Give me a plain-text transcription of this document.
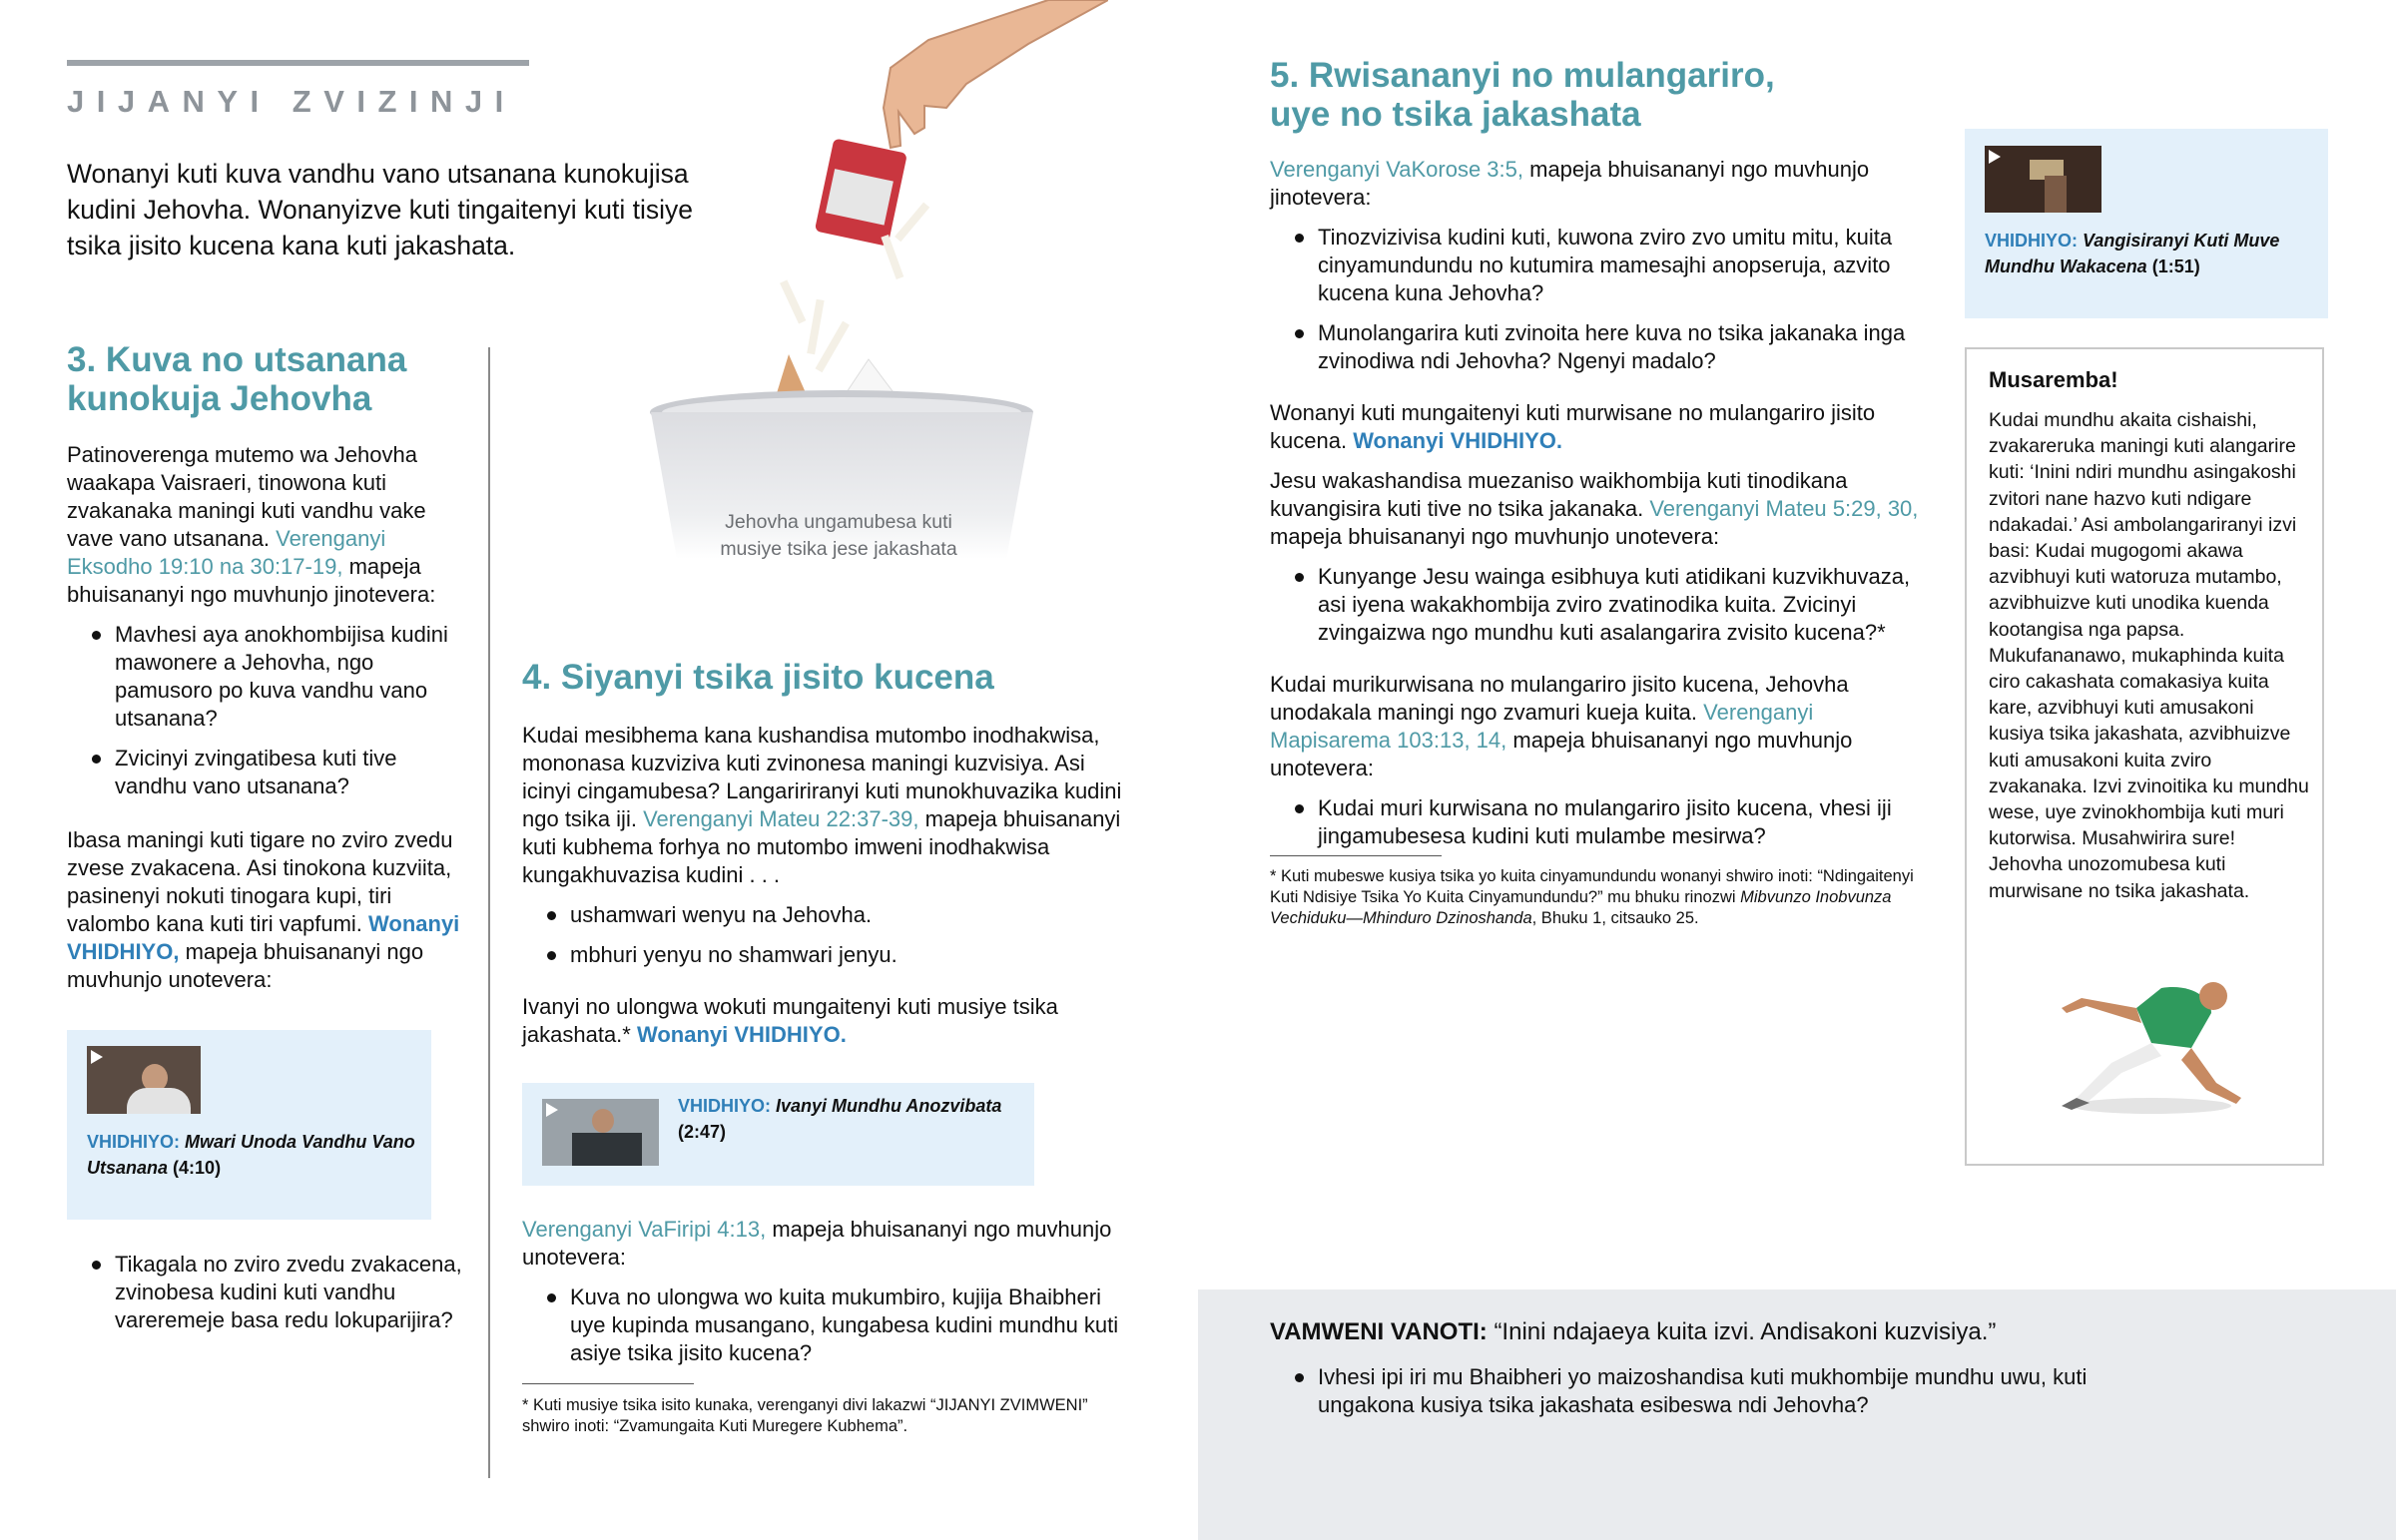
JIJANYI ZVIZINJI

Wonanyi kuti kuva vandhu vano utsanana kunokujisa kudini Jehovha. Wonanyizve kuti tingaitenyi kuti tisiye tsika jisito kucena kana kuti jakashata.

Jehovha ungamubesa kuti
musiye tsika jese jakashata
3. Kuva no utsanana
kunokuja Jehovha

Patinoverenga mutemo wa Jehovha waakapa Vaisraeri, tinowona kuti zvakanaka maningi kuti vandhu vake vave vano utsanana. Verenganyi Eksodho 19:10 na 30:17-19, mapeja bhuisananyi ngo muvhunjo jinotevera:

Mavhesi aya anokhombijisa kudini mawonere a Jehovha, ngo pamusoro po kuva vandhu vano utsanana?
Zvicinyi zvingatibesa kuti tive vandhu vano utsanana?

Ibasa maningi kuti tigare no zviro zvedu zvese zvakacena. Asi tinokona kuzviita, pasinenyi nokuti tinogara kupi, tiri valombo kana kuti tiri vapfumi. Wonanyi VHIDHIYO, mapeja bhuisananyi ngo muvhunjo unotevera:

VHIDHIYO: Mwari Unoda Vandhu Vano Utsanana (4:10)
Tikagala no zviro zvedu zvakacena, zvinobesa kudini kuti vandhu vareremeje basa redu lokuparijira?
4. Siyanyi tsika jisito kucena

Kudai mesibhema kana kushandisa mutombo inodhakwisa, mononasa kuzviziva kuti zvinonesa maningi kuzvisiya. Asi icinyi cingamubesa? Langaririranyi kuti munokhuvazika kudini ngo tsika iji. Verenganyi Mateu 22:37-39, mapeja bhuisananyi kuti kubhema forhya no mutombo imweni inodhakwisa kungakhuvazisa kudini . . .

ushamwari wenyu na Jehovha.
mbhuri yenyu no shamwari jenyu.

Ivanyi no ulongwa wokuti mungaitenyi kuti musiye tsika jakashata.* Wonanyi VHIDHIYO.

VHIDHIYO: Ivanyi Mundhu Anozvibata
(2:47)

Verenganyi VaFiripi 4:13, mapeja bhuisananyi ngo muvhunjo unotevera:

Kuva no ulongwa wo kuita mukumbiro, kujija Bhaibheri uye kupinda musangano, kungabesa kudini mundhu kuti asiye tsika jisito kucena?

* Kuti musiye tsika isito kunaka, verenganyi divi lakazwi “JIJANYI ZVIMWENI” shwiro inoti: “Zvamungaita Kuti Muregere Kubhema”.

5. Rwisananyi no mulangariro,
uye no tsika jakashata

Verenganyi VaKorose 3:5, mapeja bhuisananyi ngo muvhunjo jinotevera:

Tinozvizivisa kudini kuti, kuwona zviro zvo umitu mitu, kuita cinyamundundu no kutumira mamesajhi anopseruja, azvito kucena kuna Jehovha?
Munolangarira kuti zvinoita here kuva no tsika jakanaka inga zvinodiwa ndi Jehovha? Ngenyi madalo?

Wonanyi kuti mungaitenyi kuti murwisane no mulangariro jisito kucena. Wonanyi VHIDHIYO.

Jesu wakashandisa muezaniso waikhombija kuti tinodikana kuvangisira kuti tive no tsika jakanaka. Verenganyi Mateu 5:29, 30, mapeja bhuisananyi ngo muvhunjo unotevera:

Kunyange Jesu wainga esibhuya kuti atidikani kuzvikhuvaza, asi iyena wakakhombija zviro zvatinodika kuita. Zvicinyi zvingaizwa ngo mundhu kuti asalangarira zvisito kucena?*

Kudai murikurwisana no mulangariro jisito kucena, Jehovha unodakala maningi ngo zvamuri kueja kuita. Verenganyi Mapisarema 103:13, 14, mapeja bhuisananyi ngo muvhunjo unotevera:

Kudai muri kurwisana no mulangariro jisito kucena, vhesi iji jingamubesesa kudini kuti mulambe mesirwa?

* Kuti mubeswe kusiya tsika yo kuita cinyamundundu wonanyi shwiro inoti: “Ndingaitenyi Kuti Ndisiye Tsika Yo Kuita Cinyamundundu?” mu bhuku rinozwi Mibvunzo Inobvunza Vechiduku—Mhinduro Dzinoshanda, Bhuku 1, citsauko 25.

VHIDHIYO: Vangisiranyi Kuti Muve Mundhu Wakacena (1:51)
Musaremba!

Kudai mundhu akaita cishaishi, zvakareruka maningi kuti alangarire kuti: ‘Inini ndiri mundhu asingakoshi zvitori nane hazvo kuti ndigare ndakadai.’ Asi ambolangariranyi izvi basi: Kudai mugogomi akawa azvibhuyi kuti watoruza mutambo, azvibhuizve kuti unodika kuenda kootangisa nga papsa. Mukufananawo, mukaphinda kuita ciro cakashata comakasiya kuita kare, azvibhuyi kuti amusakoni kusiya tsika jakashata, azvibhuizve kuti amusakoni kuita zviro zvakanaka. Izvi zvinoitika ku mundhu wese, uye zvinokhombija kuti muri kutorwisa. Musahwirira sure! Jehovha unozomubesa kuti murwisane no tsika jakashata.

VAMWENI VANOTI: “Inini ndajaeya kuita izvi. Andisakoni kuzvisiya.”

Ivhesi ipi iri mu Bhaibheri yo maizoshandisa kuti mukhombije mundhu uwu, kuti ungakona kusiya tsika jakashata esibeswa ndi Jehovha?
